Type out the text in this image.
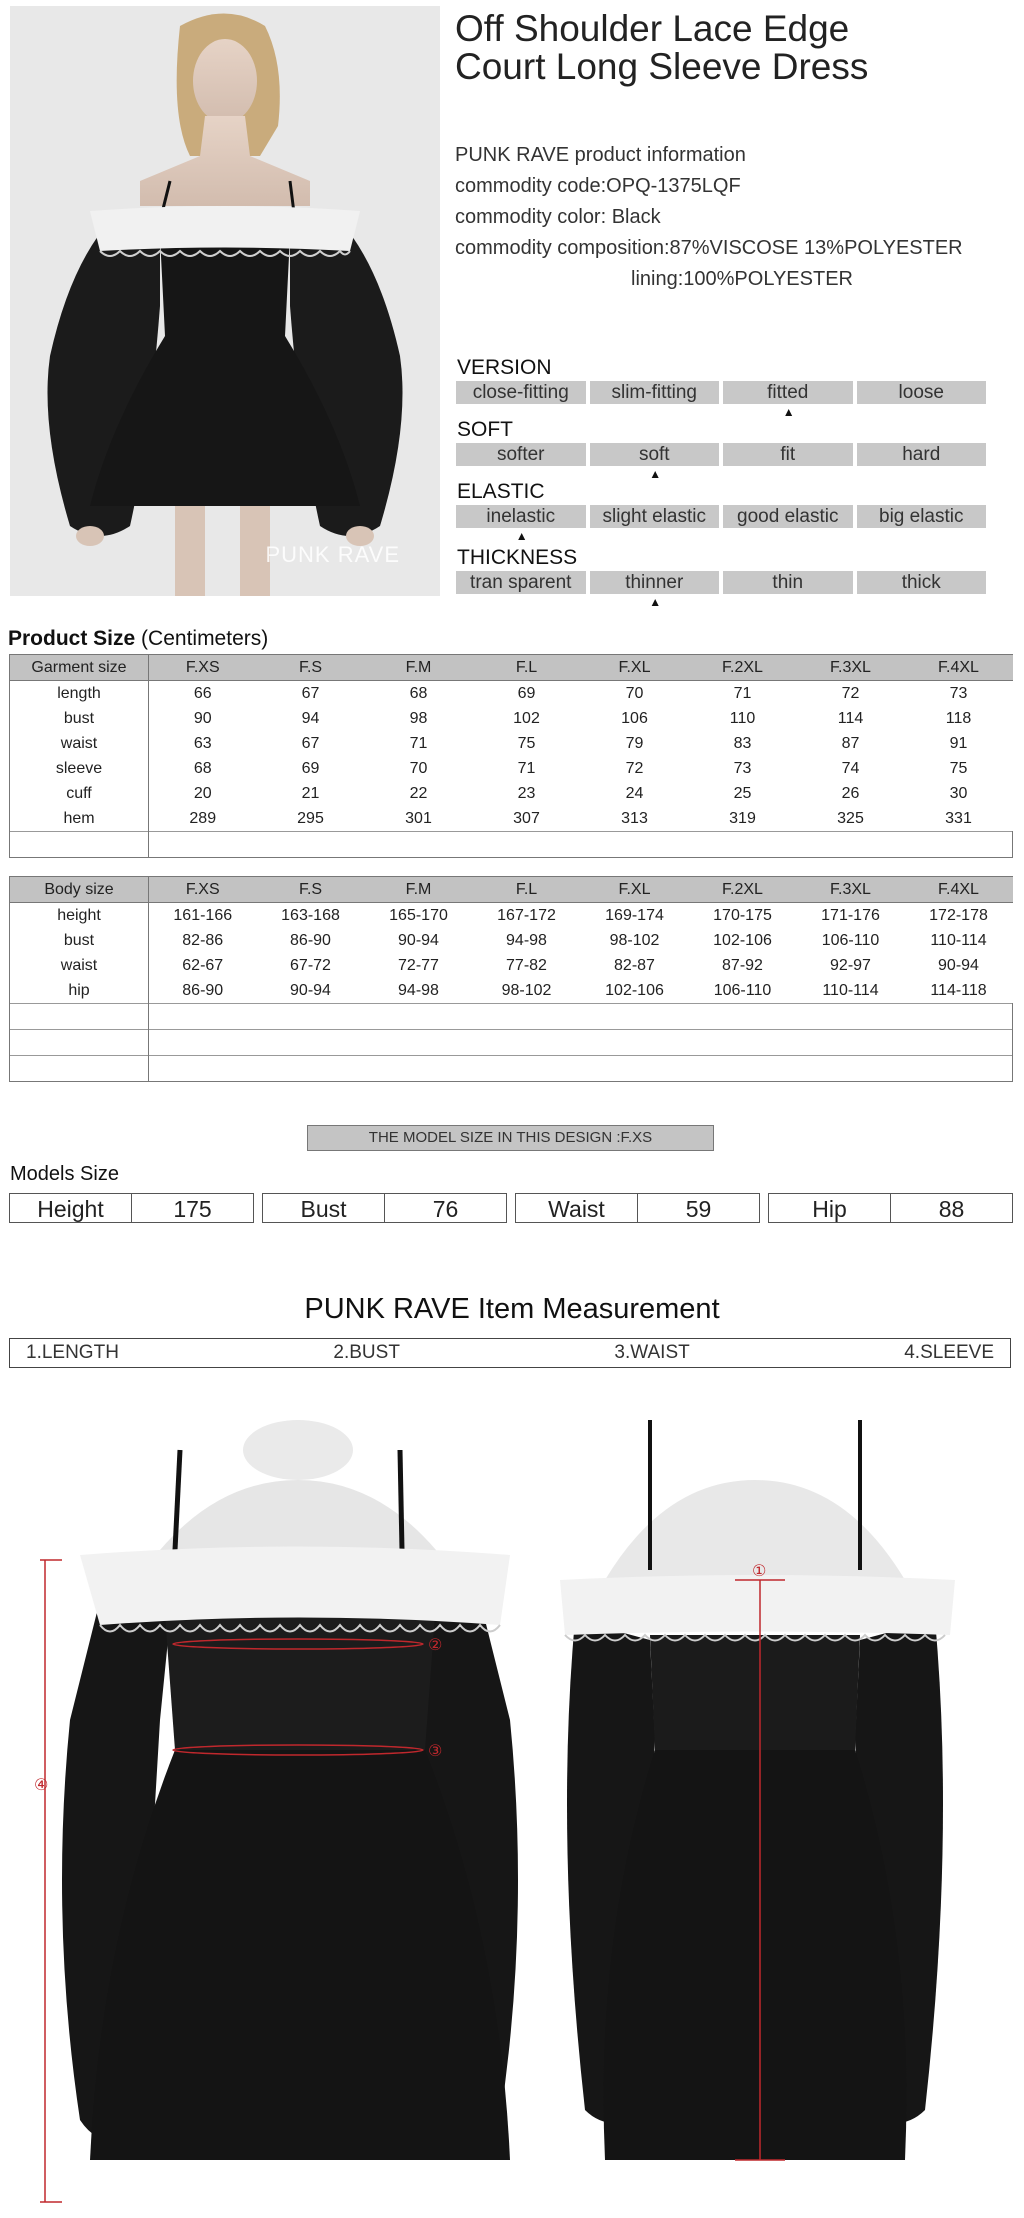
PUNK RAVE
Off Shoulder Lace Edge
Court Long Sleeve Dress
PUNK RAVE product information
commodity code:OPQ-1375LQF
commodity color: Black
commodity composition:87%VISCOSE 13%POLYESTER
lining:100%POLYESTER
VERSION
close-fitting	slim-fitting	fitted	loose
▲
SOFT
softer	soft	fit	hard
▲
ELASTIC
inelastic	slight elastic	good elastic	big elastic
▲
THICKNESS
tran sparent	thinner	thin	thick
▲
Product Size (Centimeters)
Garment size	F.XS	F.S	F.M	F.L	F.XL	F.2XL	F.3XL	F.4XL
length	66	67	68	69	70	71	72	73
bust	90	94	98	102	106	110	114	118
waist	63	67	71	75	79	83	87	91
sleeve	68	69	70	71	72	73	74	75
cuff	20	21	22	23	24	25	26	30
hem	289	295	301	307	313	319	325	331

Body size	F.XS	F.S	F.M	F.L	F.XL	F.2XL	F.3XL	F.4XL
height	161-166	163-168	165-170	167-172	169-174	170-175	171-176	172-178
bust	82-86	86-90	90-94	94-98	98-102	102-106	106-110	110-114
waist	62-67	67-72	72-77	77-82	82-87	87-92	92-97	90-94
hip	86-90	90-94	94-98	98-102	102-106	106-110	110-114	114-118

THE MODEL SIZE IN THIS DESIGN :F.XS
Models Size
Height	175	Bust	76	Waist	59	Hip	88
PUNK RAVE Item Measurement
1.LENGTH	2.BUST	3.WAIST	4.SLEEVE
②
③
④
①
